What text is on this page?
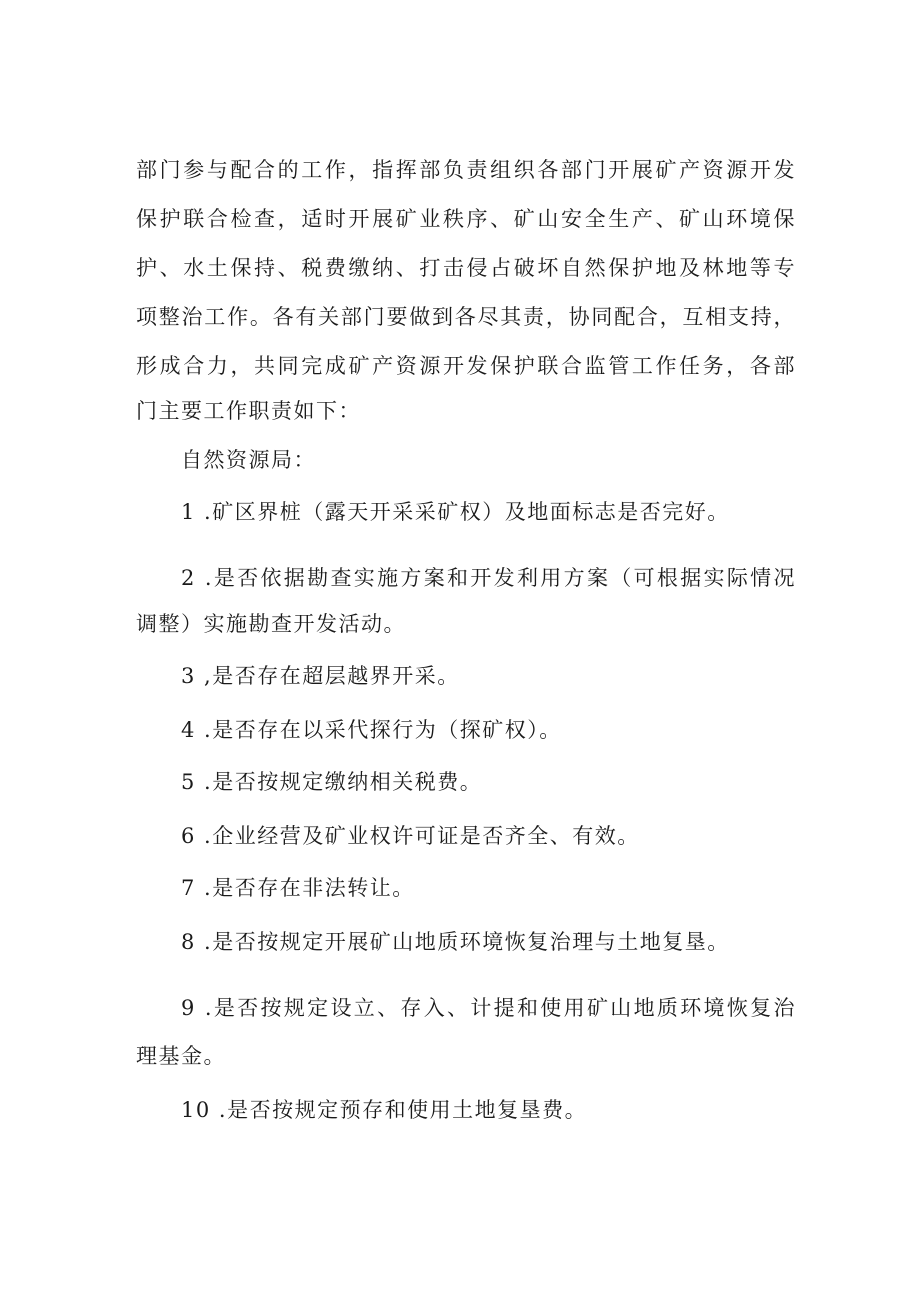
部门参与配合的工作，指挥部负责组织各部门开展矿产资源开发
保护联合检查，适时开展矿业秩序、矿山安全生产、矿山环境保
护、水土保持、税费缴纳、打击侵占破坏自然保护地及林地等专
项整治工作。各有关部门要做到各尽其责，协同配合，互相支持，
形成合力，共同完成矿产资源开发保护联合监管工作任务，各部
门主要工作职责如下：
自然资源局：
1 .矿区界桩（露天开采采矿权）及地面标志是否完好。
2 .是否依据勘查实施方案和开发利用方案（可根据实际情况
调整）实施勘查开发活动。
3 ,是否存在超层越界开采。
4 .是否存在以采代探行为（探矿权）。
5 .是否按规定缴纳相关税费。
6 .企业经营及矿业权许可证是否齐全、有效。
7 .是否存在非法转让。
8 .是否按规定开展矿山地质环境恢复治理与土地复垦。
9 .是否按规定设立、存入、计提和使用矿山地质环境恢复治
理基金。
10 .是否按规定预存和使用土地复垦费。
